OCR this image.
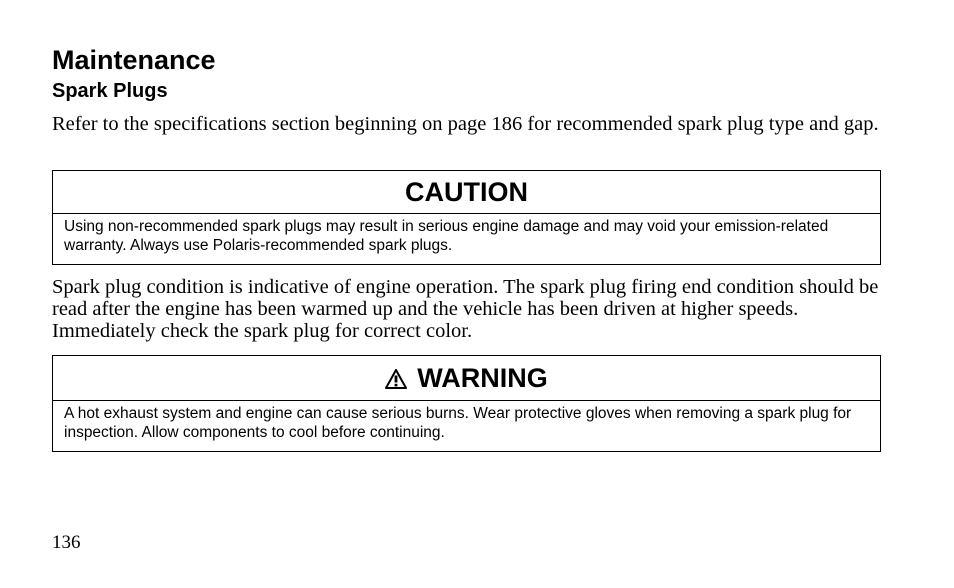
Maintenance
Spark Plugs

Refer to the specifications section beginning on page 186 for recommended spark plug type and gap.

CAUTION
Using non-recommended spark plugs may result in serious engine damage and may void your emission-related warranty. Always use Polaris-recommended spark plugs.

Spark plug condition is indicative of engine operation. The spark plug firing end condition should be read after the engine has been warmed up and the vehicle has been driven at higher speeds. Immediately check the spark plug for correct color.

WARNING
A hot exhaust system and engine can cause serious burns. Wear protective gloves when removing a spark plug for inspection. Allow components to cool before continuing.
136
